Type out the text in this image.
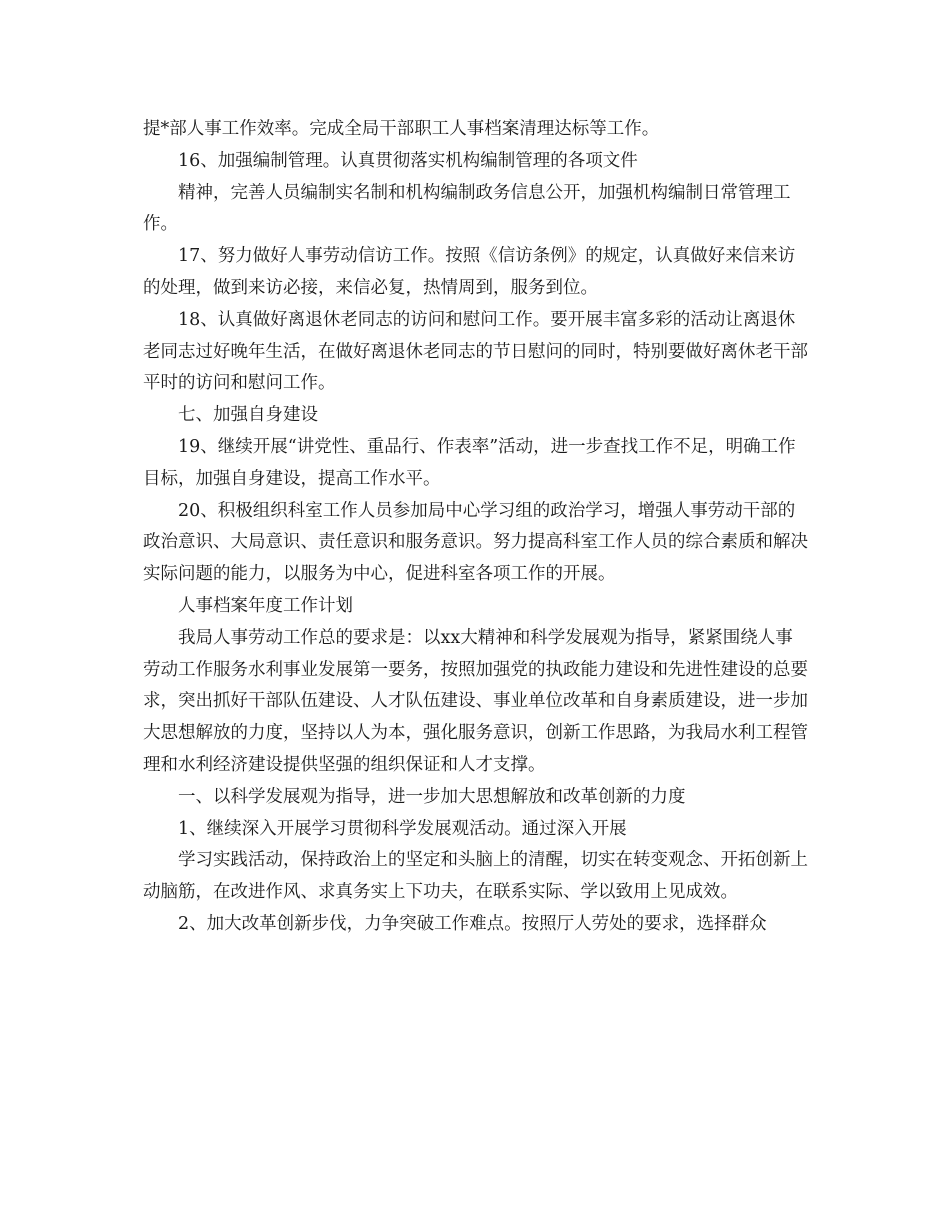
提*部人事工作效率。完成全局干部职工人事档案清理达标等工作。

16、加强编制管理。认真贯彻落实机构编制管理的各项文件

精神，完善人员编制实名制和机构编制政务信息公开，加强机构编制日常管理工作。

17、努力做好人事劳动信访工作。按照《信访条例》的规定，认真做好来信来访的处理，做到来访必接，来信必复，热情周到，服务到位。

18、认真做好离退休老同志的访问和慰问工作。要开展丰富多彩的活动让离退休老同志过好晚年生活，在做好离退休老同志的节日慰问的同时，特别要做好离休老干部平时的访问和慰问工作。

七、加强自身建设

19、继续开展“讲党性、重品行、作表率”活动，进一步查找工作不足，明确工作目标，加强自身建设，提高工作水平。

20、积极组织科室工作人员参加局中心学习组的政治学习，增强人事劳动干部的政治意识、大局意识、责任意识和服务意识。努力提高科室工作人员的综合素质和解决实际问题的能力，以服务为中心，促进科室各项工作的开展。

人事档案年度工作计划

我局人事劳动工作总的要求是：以xx大精神和科学发展观为指导，紧紧围绕人事劳动工作服务水利事业发展第一要务，按照加强党的执政能力建设和先进性建设的总要求，突出抓好干部队伍建设、人才队伍建设、事业单位改革和自身素质建设，进一步加大思想解放的力度，坚持以人为本，强化服务意识，创新工作思路，为我局水利工程管理和水利经济建设提供坚强的组织保证和人才支撑。

一、以科学发展观为指导，进一步加大思想解放和改革创新的力度

1、继续深入开展学习贯彻科学发展观活动。通过深入开展

学习实践活动，保持政治上的坚定和头脑上的清醒，切实在转变观念、开拓创新上动脑筋，在改进作风、求真务实上下功夫，在联系实际、学以致用上见成效。

2、加大改革创新步伐，力争突破工作难点。按照厅人劳处的要求，选择群众
